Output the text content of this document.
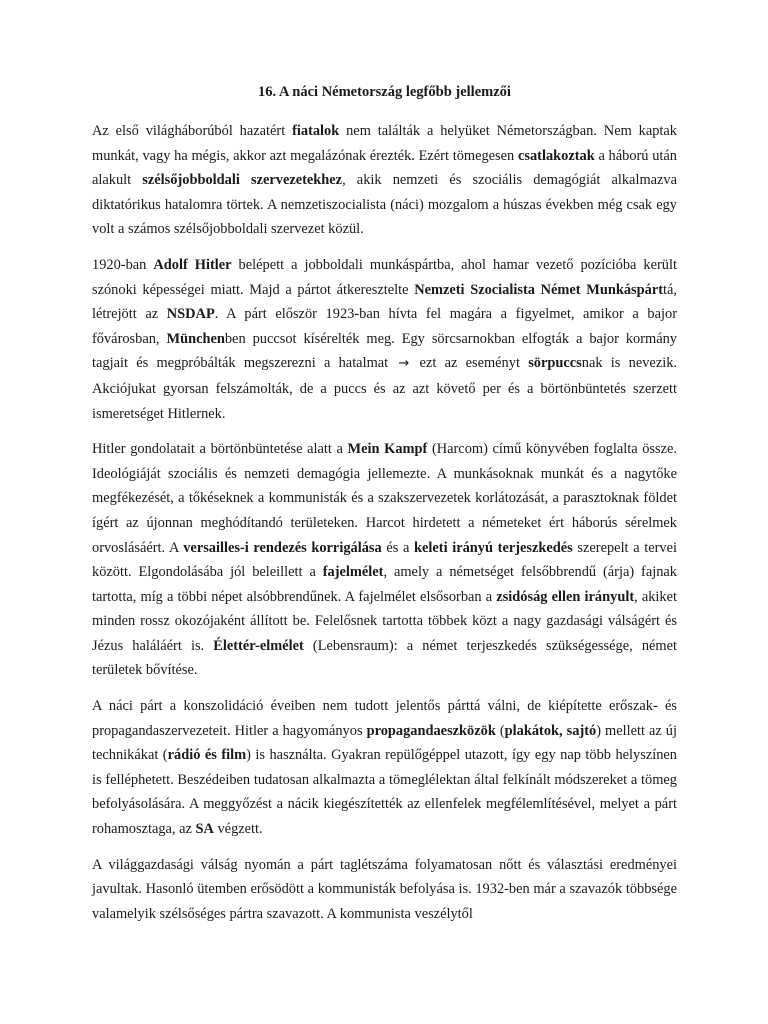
16. A náci Németország legfőbb jellemzői

Az első világháborúból hazatért fiatalok nem találták a helyüket Németországban. Nem kaptak munkát, vagy ha mégis, akkor azt megalázónak érezték. Ezért tömegesen csatlakoztak a háború után alakult szélsőjobboldali szervezetekhez, akik nemzeti és szociális demagógiát alkalmazva diktatórikus hatalomra törtek. A nemzetiszocialista (náci) mozgalom a húszas években még csak egy volt a számos szélsőjobboldali szervezet közül.

1920-ban Adolf Hitler belépett a jobboldali munkáspártba, ahol hamar vezető pozícióba került szónoki képességei miatt. Majd a pártot átkeresztelte Nemzeti Szocialista Német Munkáspárttá, létrejött az NSDAP. A párt először 1923-ban hívta fel magára a figyelmet, amikor a bajor fővárosban, Münchenben puccsot kísérelték meg. Egy sörcsarnokban elfogták a bajor kormány tagjait és megpróbálták megszerezni a hatalmat → ezt az eseményt sörpuccsnak is nevezik. Akciójukat gyorsan felszámolták, de a puccs és az azt követő per és a börtönbüntetés szerzett ismeretséget Hitlernek.

Hitler gondolatait a börtönbüntetése alatt a Mein Kampf (Harcom) című könyvében foglalta össze. Ideológiáját szociális és nemzeti demagógia jellemezte. A munkásoknak munkát és a nagytőke megfékezését, a tőkéseknek a kommunisták és a szakszervezetek korlátozását, a parasztoknak földet ígért az újonnan meghódítandó területeken. Harcot hirdetett a németeket ért háborús sérelmek orvoslásáért. A versailles-i rendezés korrigálása és a keleti irányú terjeszkedés szerepelt a tervei között. Elgondolásába jól beleillett a fajelmélet, amely a németséget felsőbbrendű (árja) fajnak tartotta, míg a többi népet alsóbbrendűnek. A fajelmélet elsősorban a zsidóság ellen irányult, akiket minden rossz okozójaként állított be. Felelősnek tartotta többek közt a nagy gazdasági válságért és Jézus haláláért is. Élettér-elmélet (Lebensraum): a német terjeszkedés szükségessége, német területek bővítése.

A náci párt a konszolidáció éveiben nem tudott jelentős párttá válni, de kiépítette erőszak- és propagandaszervezeteit. Hitler a hagyományos propagandaeszközök (plakátok, sajtó) mellett az új technikákat (rádió és film) is használta. Gyakran repülőgéppel utazott, így egy nap több helyszínen is felléphetett. Beszédeiben tudatosan alkalmazta a tömeglélektan által felkínált módszereket a tömeg befolyásolására. A meggyőzést a nácik kiegészítették az ellenfelek megfélemlítésével, melyet a párt rohamosztaga, az SA végzett.

A világgazdasági válság nyomán a párt taglétszáma folyamatosan nőtt és választási eredményei javultak. Hasonló ütemben erősödött a kommunisták befolyása is. 1932-ben már a szavazók többsége valamelyik szélsőséges pártra szavazott. A kommunista veszélytől
